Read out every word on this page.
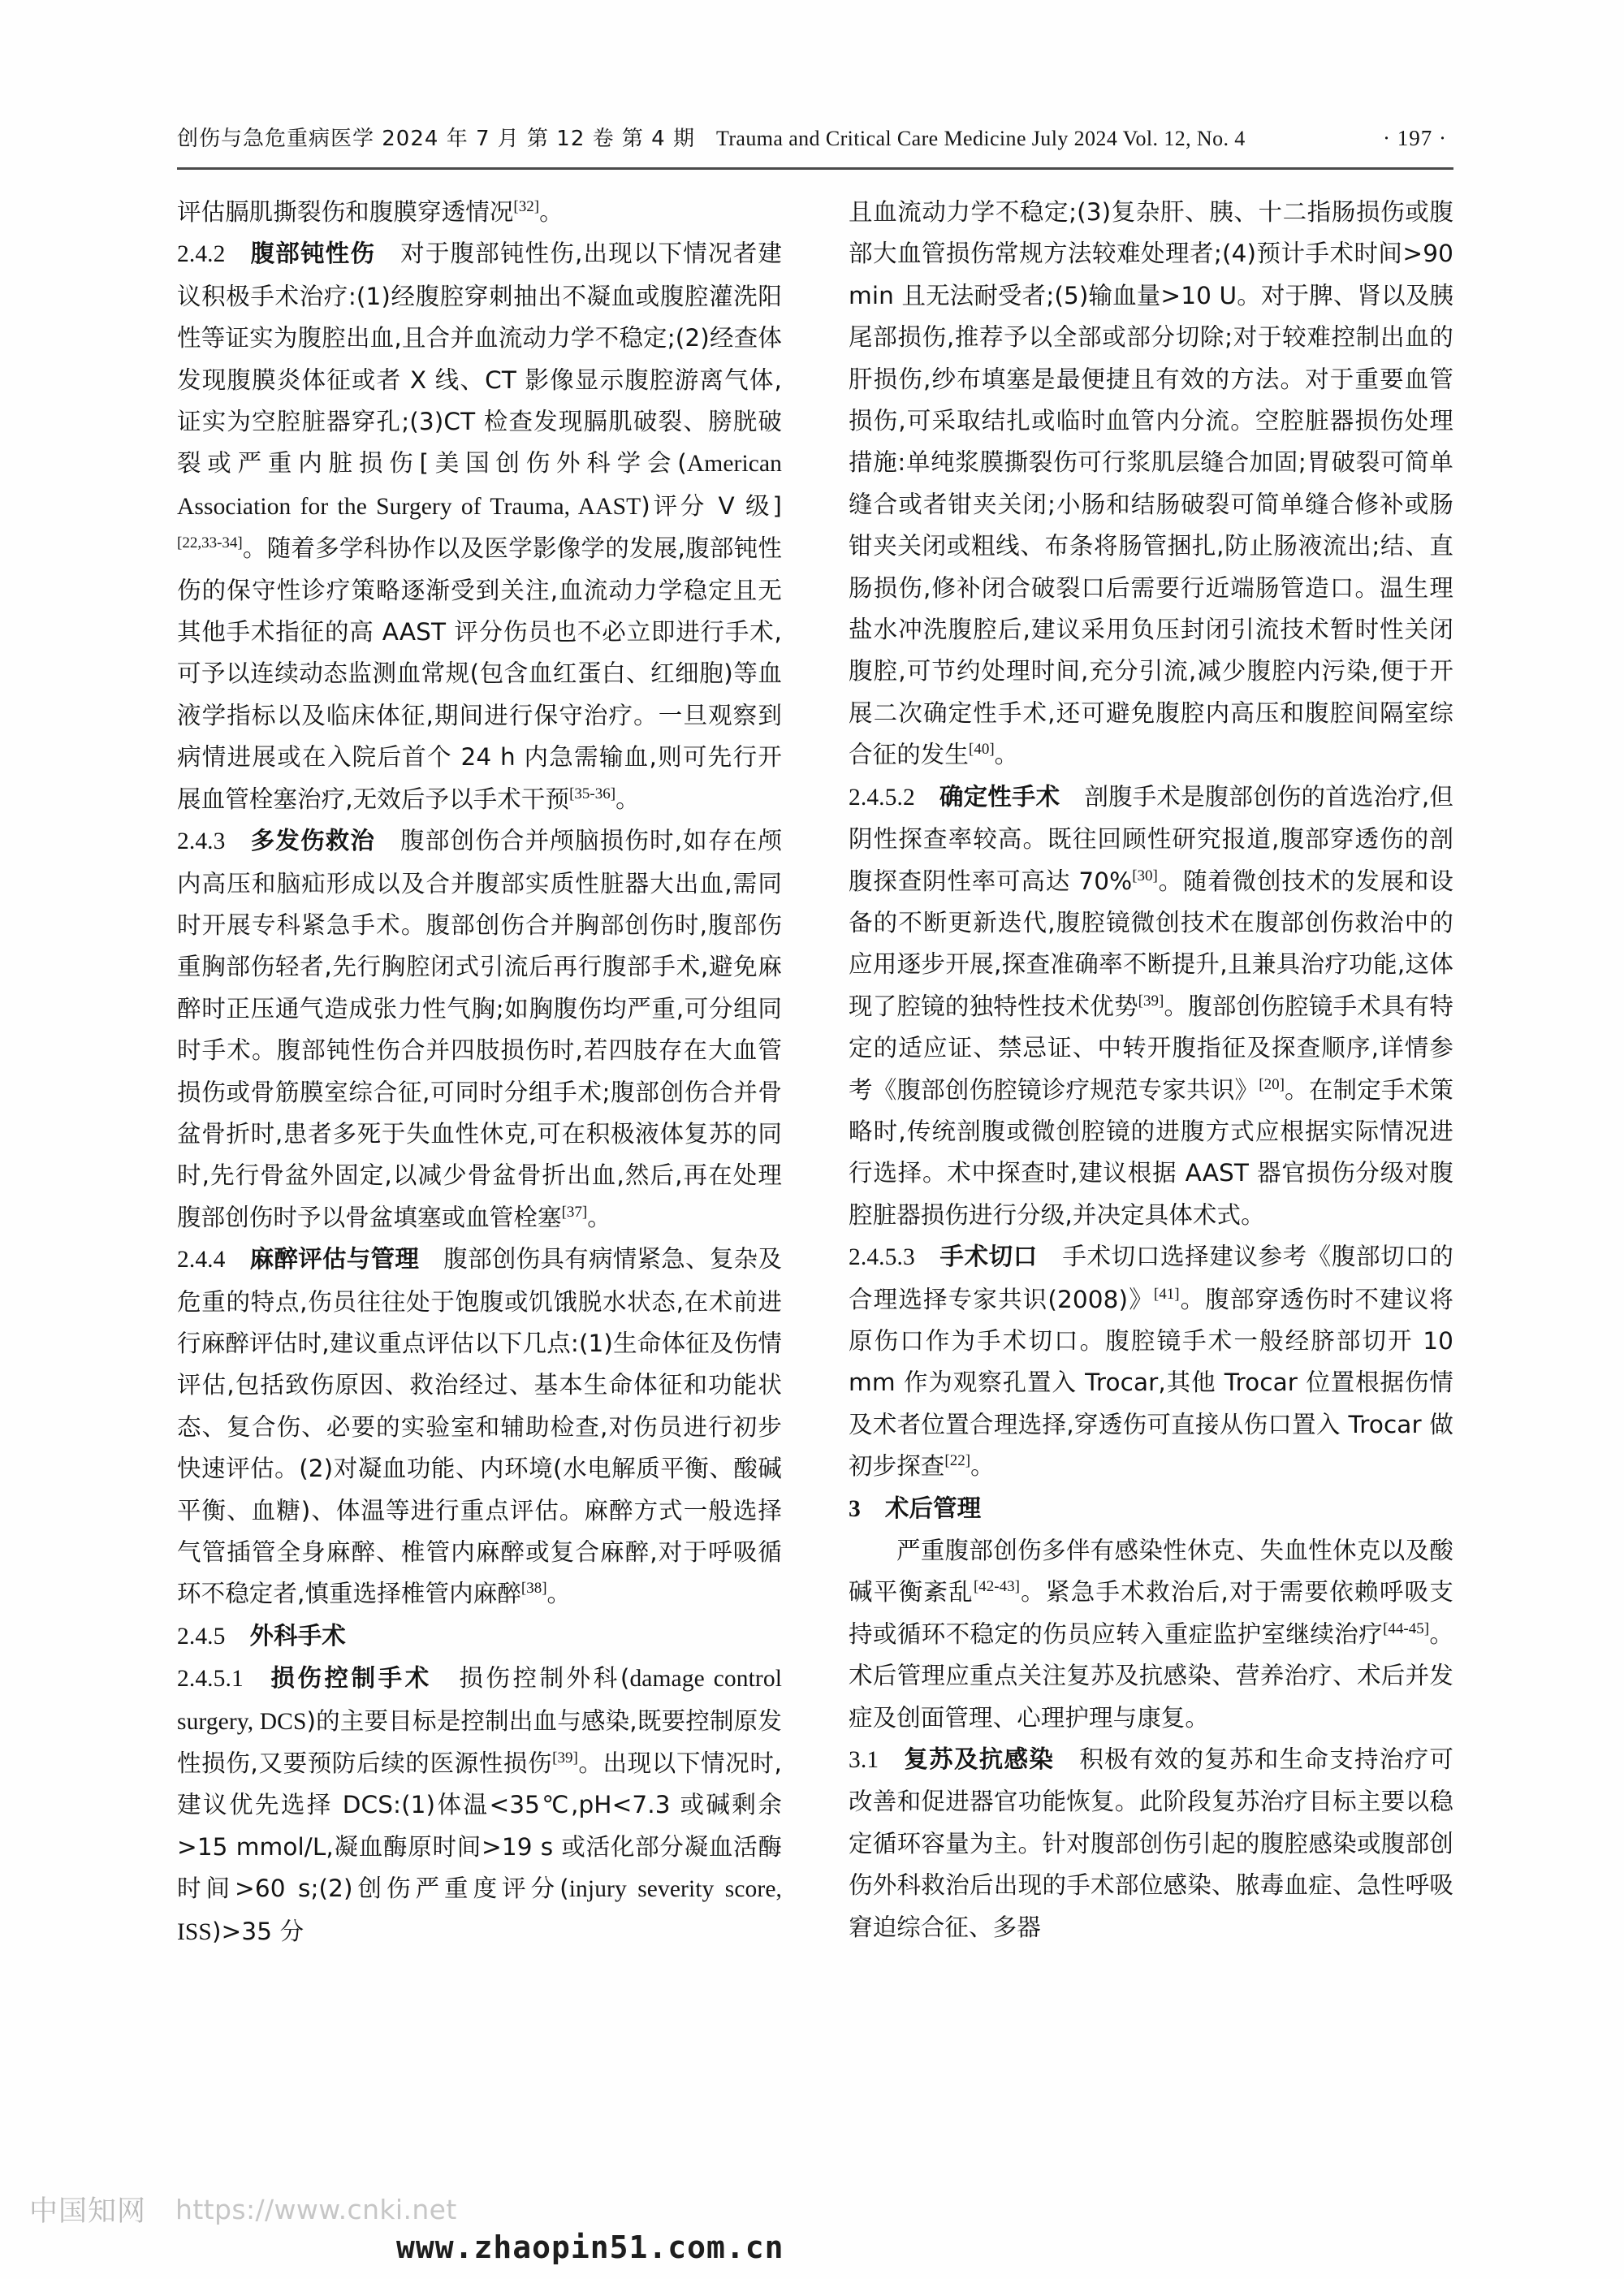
创伤与急危重病医学 2024 年 7 月 第 12 卷 第 4 期 Trauma and Critical Care Medicine July 2024 Vol. 12, No. 4	· 197 ·

评估膈肌撕裂伤和腹膜穿透情况[32]。

2.4.2 腹部钝性伤 对于腹部钝性伤,出现以下情况者建议积极手术治疗:(1)经腹腔穿刺抽出不凝血或腹腔灌洗阳性等证实为腹腔出血,且合并血流动力学不稳定;(2)经查体发现腹膜炎体征或者 X 线、CT 影像显示腹腔游离气体,证实为空腔脏器穿孔;(3)CT 检查发现膈肌破裂、膀胱破裂或严重内脏损伤[美国创伤外科学会(American Association for the Surgery of Trauma, AAST)评分 V 级][22,33-34]。随着多学科协作以及医学影像学的发展,腹部钝性伤的保守性诊疗策略逐渐受到关注,血流动力学稳定且无其他手术指征的高 AAST 评分伤员也不必立即进行手术,可予以连续动态监测血常规(包含血红蛋白、红细胞)等血液学指标以及临床体征,期间进行保守治疗。一旦观察到病情进展或在入院后首个 24 h 内急需输血,则可先行开展血管栓塞治疗,无效后予以手术干预[35-36]。

2.4.3 多发伤救治 腹部创伤合并颅脑损伤时,如存在颅内高压和脑疝形成以及合并腹部实质性脏器大出血,需同时开展专科紧急手术。腹部创伤合并胸部创伤时,腹部伤重胸部伤轻者,先行胸腔闭式引流后再行腹部手术,避免麻醉时正压通气造成张力性气胸;如胸腹伤均严重,可分组同时手术。腹部钝性伤合并四肢损伤时,若四肢存在大血管损伤或骨筋膜室综合征,可同时分组手术;腹部创伤合并骨盆骨折时,患者多死于失血性休克,可在积极液体复苏的同时,先行骨盆外固定,以减少骨盆骨折出血,然后,再在处理腹部创伤时予以骨盆填塞或血管栓塞[37]。

2.4.4 麻醉评估与管理 腹部创伤具有病情紧急、复杂及危重的特点,伤员往往处于饱腹或饥饿脱水状态,在术前进行麻醉评估时,建议重点评估以下几点:(1)生命体征及伤情评估,包括致伤原因、救治经过、基本生命体征和功能状态、复合伤、必要的实验室和辅助检查,对伤员进行初步快速评估。(2)对凝血功能、内环境(水电解质平衡、酸碱平衡、血糖)、体温等进行重点评估。麻醉方式一般选择气管插管全身麻醉、椎管内麻醉或复合麻醉,对于呼吸循环不稳定者,慎重选择椎管内麻醉[38]。

2.4.5 外科手术

2.4.5.1 损伤控制手术 损伤控制外科(damage control surgery, DCS)的主要目标是控制出血与感染,既要控制原发性损伤,又要预防后续的医源性损伤[39]。出现以下情况时,建议优先选择 DCS:(1)体温<35℃,pH<7.3 或碱剩余>15 mmol/L,凝血酶原时间>19 s 或活化部分凝血活酶时间>60 s;(2)创伤严重度评分(injury severity score, ISS)>35 分

且血流动力学不稳定;(3)复杂肝、胰、十二指肠损伤或腹部大血管损伤常规方法较难处理者;(4)预计手术时间>90 min 且无法耐受者;(5)输血量>10 U。对于脾、肾以及胰尾部损伤,推荐予以全部或部分切除;对于较难控制出血的肝损伤,纱布填塞是最便捷且有效的方法。对于重要血管损伤,可采取结扎或临时血管内分流。空腔脏器损伤处理措施:单纯浆膜撕裂伤可行浆肌层缝合加固;胃破裂可简单缝合或者钳夹关闭;小肠和结肠破裂可简单缝合修补或肠钳夹关闭或粗线、布条将肠管捆扎,防止肠液流出;结、直肠损伤,修补闭合破裂口后需要行近端肠管造口。温生理盐水冲洗腹腔后,建议采用负压封闭引流技术暂时性关闭腹腔,可节约处理时间,充分引流,减少腹腔内污染,便于开展二次确定性手术,还可避免腹腔内高压和腹腔间隔室综合征的发生[40]。

2.4.5.2 确定性手术 剖腹手术是腹部创伤的首选治疗,但阴性探查率较高。既往回顾性研究报道,腹部穿透伤的剖腹探查阴性率可高达 70%[30]。随着微创技术的发展和设备的不断更新迭代,腹腔镜微创技术在腹部创伤救治中的应用逐步开展,探查准确率不断提升,且兼具治疗功能,这体现了腔镜的独特性技术优势[39]。腹部创伤腔镜手术具有特定的适应证、禁忌证、中转开腹指征及探查顺序,详情参考《腹部创伤腔镜诊疗规范专家共识》[20]。在制定手术策略时,传统剖腹或微创腔镜的进腹方式应根据实际情况进行选择。术中探查时,建议根据 AAST 器官损伤分级对腹腔脏器损伤进行分级,并决定具体术式。

2.4.5.3 手术切口 手术切口选择建议参考《腹部切口的合理选择专家共识(2008)》[41]。腹部穿透伤时不建议将原伤口作为手术切口。腹腔镜手术一般经脐部切开 10 mm 作为观察孔置入 Trocar,其他 Trocar 位置根据伤情及术者位置合理选择,穿透伤可直接从伤口置入 Trocar 做初步探查[22]。

3 术后管理

严重腹部创伤多伴有感染性休克、失血性休克以及酸碱平衡紊乱[42-43]。紧急手术救治后,对于需要依赖呼吸支持或循环不稳定的伤员应转入重症监护室继续治疗[44-45]。术后管理应重点关注复苏及抗感染、营养治疗、术后并发症及创面管理、心理护理与康复。

3.1 复苏及抗感染 积极有效的复苏和生命支持治疗可改善和促进器官功能恢复。此阶段复苏治疗目标主要以稳定循环容量为主。针对腹部创伤引起的腹腔感染或腹部创伤外科救治后出现的手术部位感染、脓毒血症、急性呼吸窘迫综合征、多器

中国知网 https://www.cnki.net
www.zhaopin51.com.cn
